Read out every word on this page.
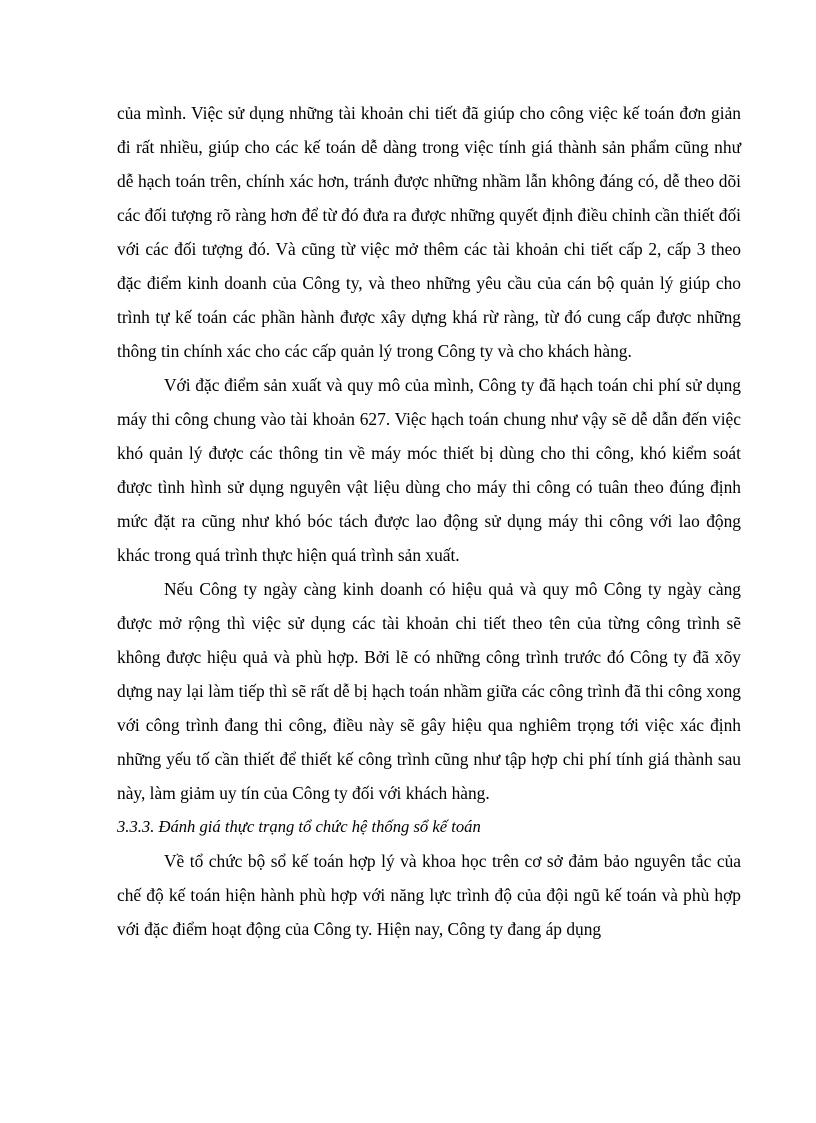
của mình. Việc sử dụng những tài khoản chi tiết đã giúp cho công việc kế toán đơn giản đi rất nhiều, giúp cho các kế toán dễ dàng trong việc tính giá thành sản phẩm cũng như dễ hạch toán trên, chính xác hơn, tránh được những nhầm lẫn không đáng có, dễ theo dõi các đối tượng rõ ràng hơn để từ đó đưa ra được những quyết định điều chỉnh cần thiết đối với các đối tượng đó. Và cũng từ việc mở thêm các tài khoản chi tiết cấp 2, cấp 3 theo đặc điểm kinh doanh của Công ty, và theo những yêu cầu của cán bộ quản lý giúp cho trình tự kế toán các phần hành được xây dựng khá rừ ràng, từ đó cung cấp được những thông tin chính xác cho các cấp quản lý trong Công ty và cho khách hàng.

Với đặc điểm sản xuất và quy mô của mình, Công ty đã hạch toán chi phí sử dụng máy thi công chung vào tài khoản 627. Việc hạch toán chung như vậy sẽ dễ dẫn đến việc khó quản lý được các thông tin về máy móc thiết bị dùng cho thi công, khó kiểm soát được tình hình sử dụng nguyên vật liệu dùng cho máy thi công có tuân theo đúng định mức đặt ra cũng như khó bóc tách được lao động sử dụng máy thi công với lao động khác trong quá trình thực hiện quá trình sản xuất.

Nếu Công ty ngày càng kinh doanh có hiệu quả và quy mô Công ty ngày càng được mở rộng thì việc sử dụng các tài khoản chi tiết theo tên của từng công trình sẽ không được hiệu quả và phù hợp. Bởi lẽ có những công trình trước đó Công ty đã xõy dựng nay lại làm tiếp thì sẽ rất dễ bị hạch toán nhầm giữa các công trình đã thi công xong với công trình đang thi công, điều này sẽ gây hiệu qua nghiêm trọng tới việc xác định những yếu tố cần thiết để thiết kế công trình cũng như tập hợp chi phí tính giá thành sau này, làm giảm uy tín của Công ty đối với khách hàng.

3.3.3. Đánh giá thực trạng tổ chức hệ thống sổ kế toán

Về tổ chức bộ sổ kế toán hợp lý và khoa học trên cơ sở đảm bảo nguyên tắc của chế độ kế toán hiện hành phù hợp với năng lực trình độ của đội ngũ kế toán và phù hợp với đặc điểm hoạt động của Công ty. Hiện nay, Công ty đang áp dụng
